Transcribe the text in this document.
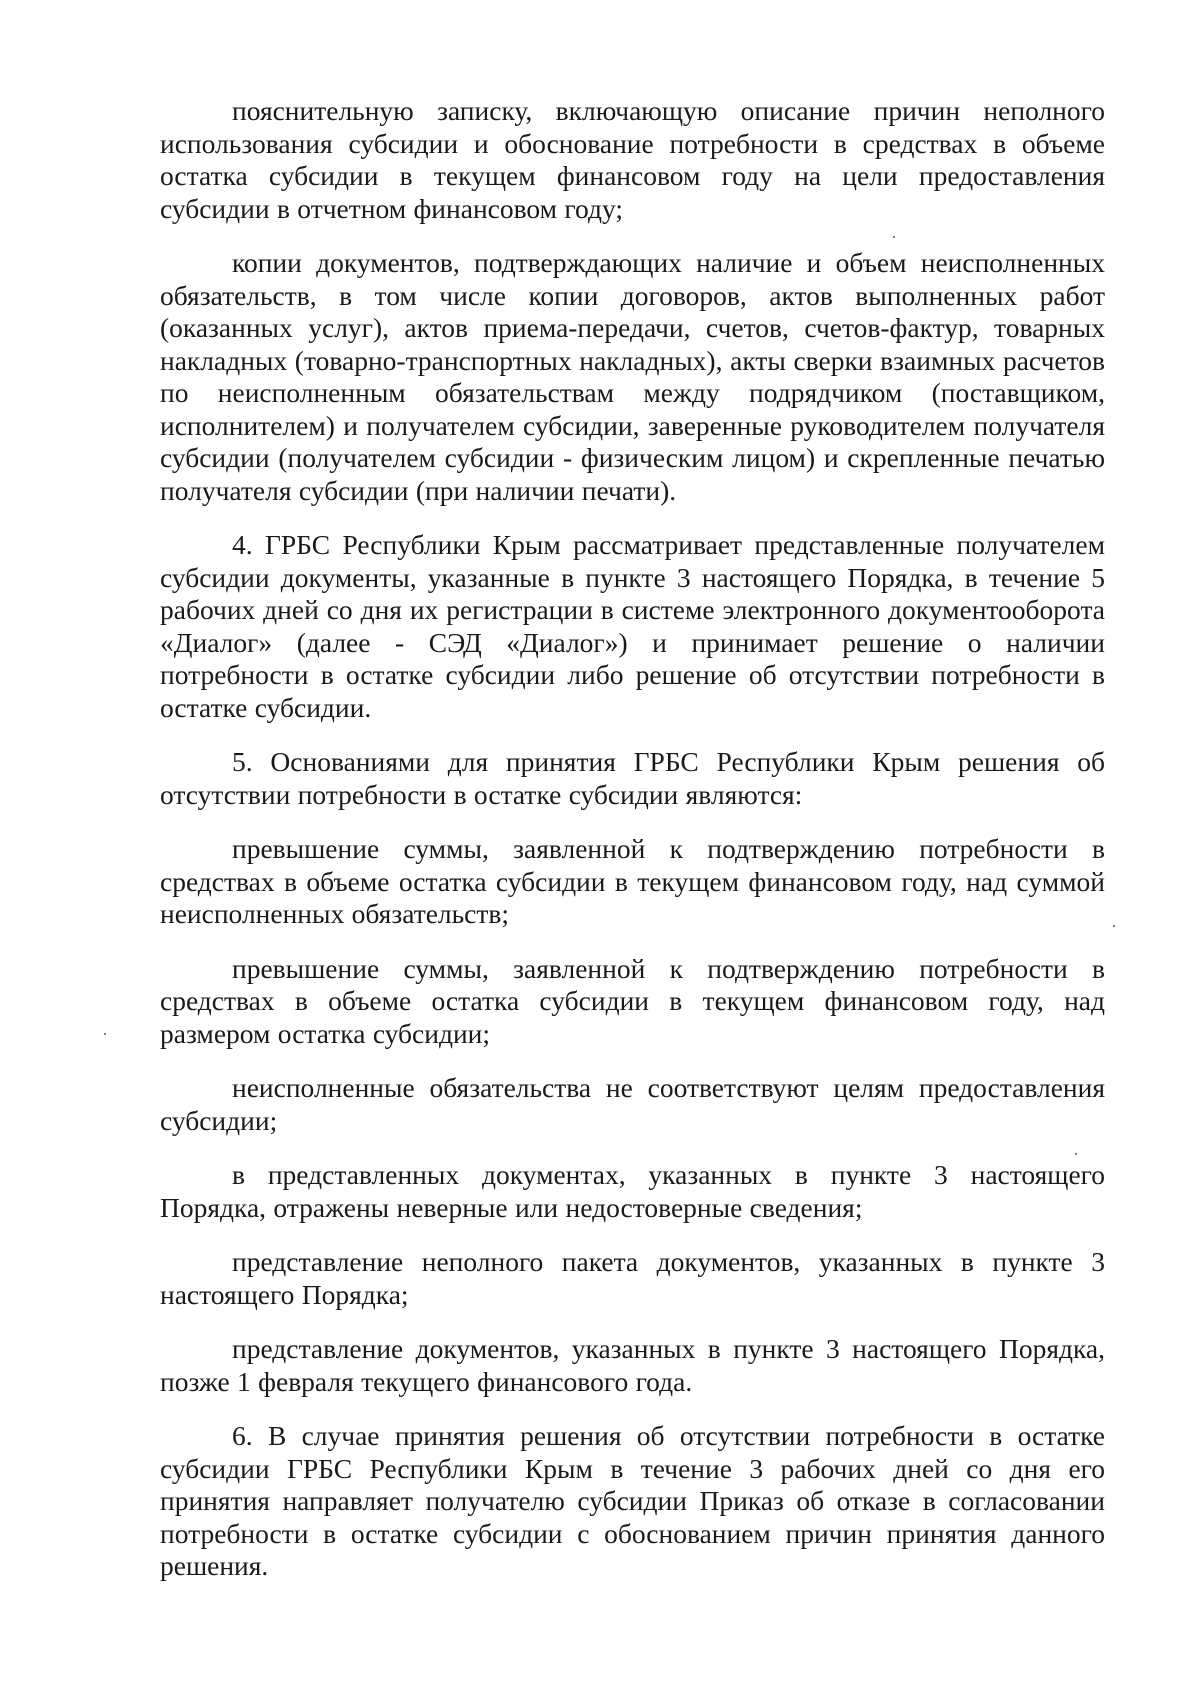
пояснительную записку, включающую описание причин неполного использования субсидии и обоснование потребности в средствах в объеме остатка субсидии в текущем финансовом году на цели предоставления субсидии в отчетном финансовом году;

копии документов, подтверждающих наличие и объем неисполненных обязательств, в том числе копии договоров, актов выполненных работ (оказанных услуг), актов приема-передачи, счетов, счетов-фактур, товарных накладных (товарно-транспортных накладных), акты сверки взаимных расчетов по неисполненным обязательствам между подрядчиком (поставщиком, исполнителем) и получателем субсидии, заверенные руководителем получателя субсидии (получателем субсидии - физическим лицом) и скрепленные печатью получателя субсидии (при наличии печати).

4. ГРБС Республики Крым рассматривает представленные получателем субсидии документы, указанные в пункте 3 настоящего Порядка, в течение 5 рабочих дней со дня их регистрации в системе электронного документооборота «Диалог» (далее - СЭД «Диалог») и принимает решение о наличии потребности в остатке субсидии либо решение об отсутствии потребности в остатке субсидии.

5. Основаниями для принятия ГРБС Республики Крым решения об отсутствии потребности в остатке субсидии являются:

превышение суммы, заявленной к подтверждению потребности в средствах в объеме остатка субсидии в текущем финансовом году, над суммой неисполненных обязательств;

превышение суммы, заявленной к подтверждению потребности в средствах в объеме остатка субсидии в текущем финансовом году, над размером остатка субсидии;

неисполненные обязательства не соответствуют целям предоставления субсидии;

в представленных документах, указанных в пункте 3 настоящего Порядка, отражены неверные или недостоверные сведения;

представление неполного пакета документов, указанных в пункте 3 настоящего Порядка;

представление документов, указанных в пункте 3 настоящего Порядка, позже 1 февраля текущего финансового года.

6. В случае принятия решения об отсутствии потребности в остатке субсидии ГРБС Республики Крым в течение 3 рабочих дней со дня его принятия направляет получателю субсидии Приказ об отказе в согласовании потребности в остатке субсидии с обоснованием причин принятия данного решения.
